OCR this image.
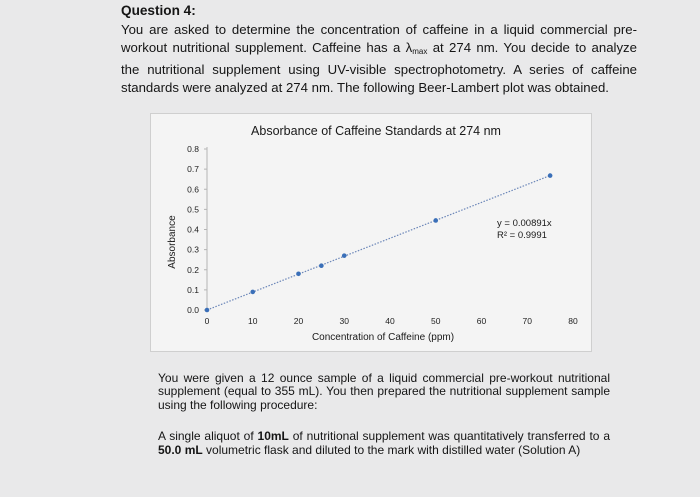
Question 4:
You are asked to determine the concentration of caffeine in a liquid commercial pre-workout nutritional supplement. Caffeine has a $\lambda_{max}$ at 274 nm. You decide to analyze the nutritional supplement using UV-visible spectrophotometry. A series of caffeine standards were analyzed at 274 nm. The following Beer-Lambert plot was obtained.
Absorbance of Caffeine Standards at 274 nm
Absorbance
Concentration of Caffeine (ppm)
y = 0.00891x
R² = 0.9991
0.0
0.1
0.2
0.3
0.4
0.5
0.6
0.7
0.8
0	10	20	30	40	50	60	70	80

You were given a 12 ounce sample of a liquid commercial pre-workout nutritional supplement (equal to 355 mL). You then prepared the nutritional supplement sample using the following procedure:

A single aliquot of 10mL of nutritional supplement was quantitatively transferred to a 50.0 mL volumetric flask and diluted to the mark with distilled water (Solution A)
